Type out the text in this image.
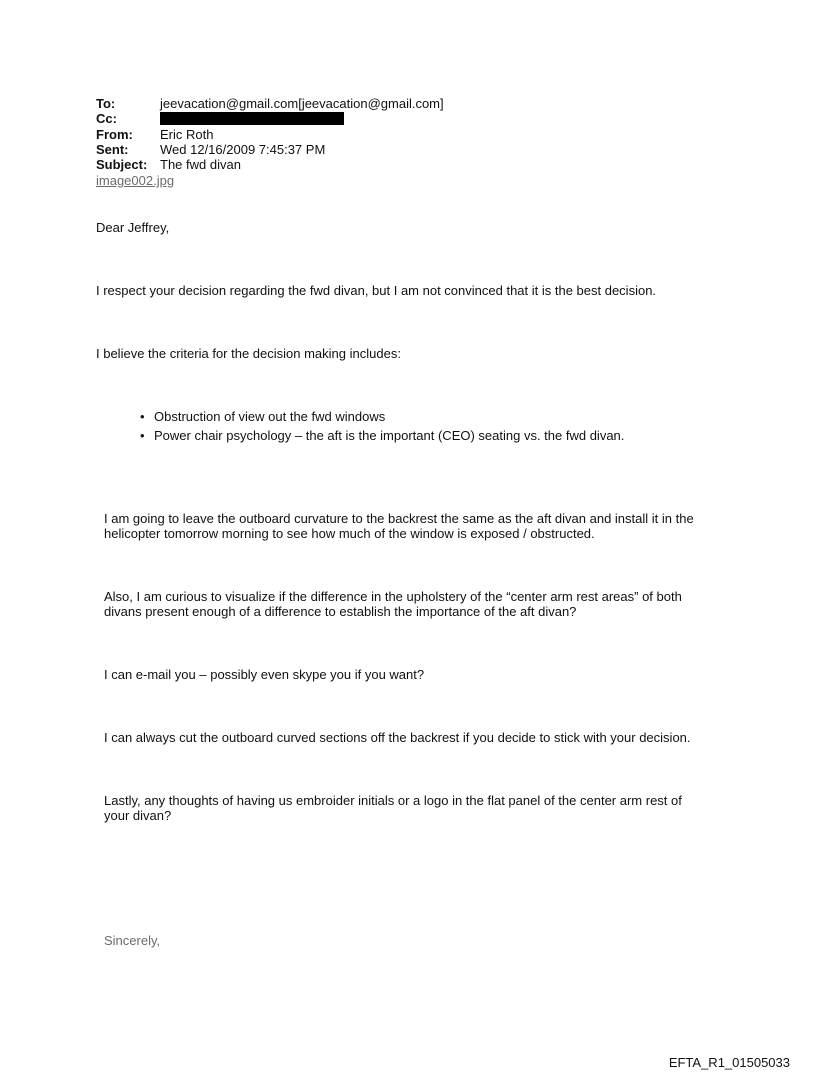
To:	jeevacation@gmail.com[jeevacation@gmail.com]
Cc:
From: Eric Roth
Sent: Wed 12/16/2009 7:45:37 PM
Subject: The fwd divan
image002.jpg
Dear Jeffrey,
I respect your decision regarding the fwd divan, but I am not convinced that it is the best decision.
I believe the criteria for the decision making includes:
• Obstruction of view out the fwd windows
• Power chair psychology – the aft is the important (CEO) seating vs. the fwd divan.
I am going to leave the outboard curvature to the backrest the same as the aft divan and install it in the
helicopter tomorrow morning to see how much of the window is exposed / obstructed.
Also, I am curious to visualize if the difference in the upholstery of the “center arm rest areas” of both
divans present enough of a difference to establish the importance of the aft divan?
I can e-mail you – possibly even skype you if you want?
I can always cut the outboard curved sections off the backrest if you decide to stick with your decision.
Lastly, any thoughts of having us embroider initials or a logo in the flat panel of the center arm rest of
your divan?
Sincerely,
EFTA_R1_01505033
